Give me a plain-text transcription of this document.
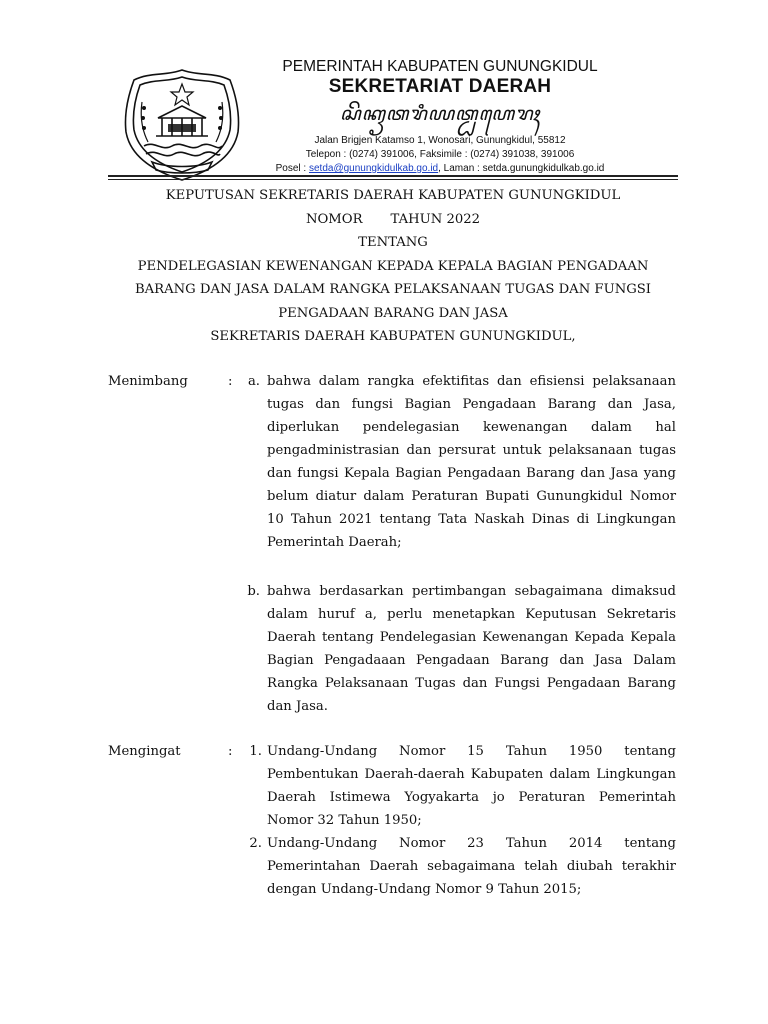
PEMERINTAH KABUPATEN GUNUNGKIDUL
SEKRETARIAT DAERAH
ꦱꦼꦏꦽꦠꦫꦶꦪꦠ꧀ꦝꦲꦺꦫꦃ
Jalan Brigjen Katamso 1, Wonosari, Gunungkidul, 55812
Telepon : (0274) 391006, Faksimile : (0274) 391038, 391006
Posel : setda@gunungkidulkab.go.id, Laman : setda.gunungkidulkab.go.id
KEPUTUSAN SEKRETARIS DAERAH KABUPATEN GUNUNGKIDUL
NOMOR TAHUN 2022
TENTANG
PENDELEGASIAN KEWENANGAN KEPADA KEPALA BAGIAN PENGADAAN
BARANG DAN JASA DALAM RANGKA PELAKSANAAN TUGAS DAN FUNGSI
PENGADAAN BARANG DAN JASA
SEKRETARIS DAERAH KABUPATEN GUNUNGKIDUL,
Menimbang	:	a. bahwa dalam rangka efektifitas dan efisiensi pelaksanaan tugas dan fungsi Bagian Pengadaan Barang dan Jasa, diperlukan pendelegasian kewenangan dalam hal pengadministrasian dan persurat untuk pelaksanaan tugas dan fungsi Kepala Bagian Pengadaan Barang dan Jasa yang belum diatur dalam Peraturan Bupati Gunungkidul Nomor 10 Tahun 2021 tentang Tata Naskah Dinas di Lingkungan Pemerintah Daerah;
b. bahwa berdasarkan pertimbangan sebagaimana dimaksud dalam huruf a, perlu menetapkan Keputusan Sekretaris Daerah tentang Pendelegasian Kewenangan Kepada Kepala Bagian Pengadaaan Pengadaan Barang dan Jasa Dalam Rangka Pelaksanaan Tugas dan Fungsi Pengadaan Barang dan Jasa.
Mengingat	:	1. Undang-Undang Nomor 15 Tahun 1950 tentang Pembentukan Daerah-daerah Kabupaten dalam Lingkungan Daerah Istimewa Yogyakarta jo Peraturan Pemerintah Nomor 32 Tahun 1950;
2. Undang-Undang Nomor 23 Tahun 2014 tentang Pemerintahan Daerah sebagaimana telah diubah terakhir dengan Undang-Undang Nomor 9 Tahun 2015;
